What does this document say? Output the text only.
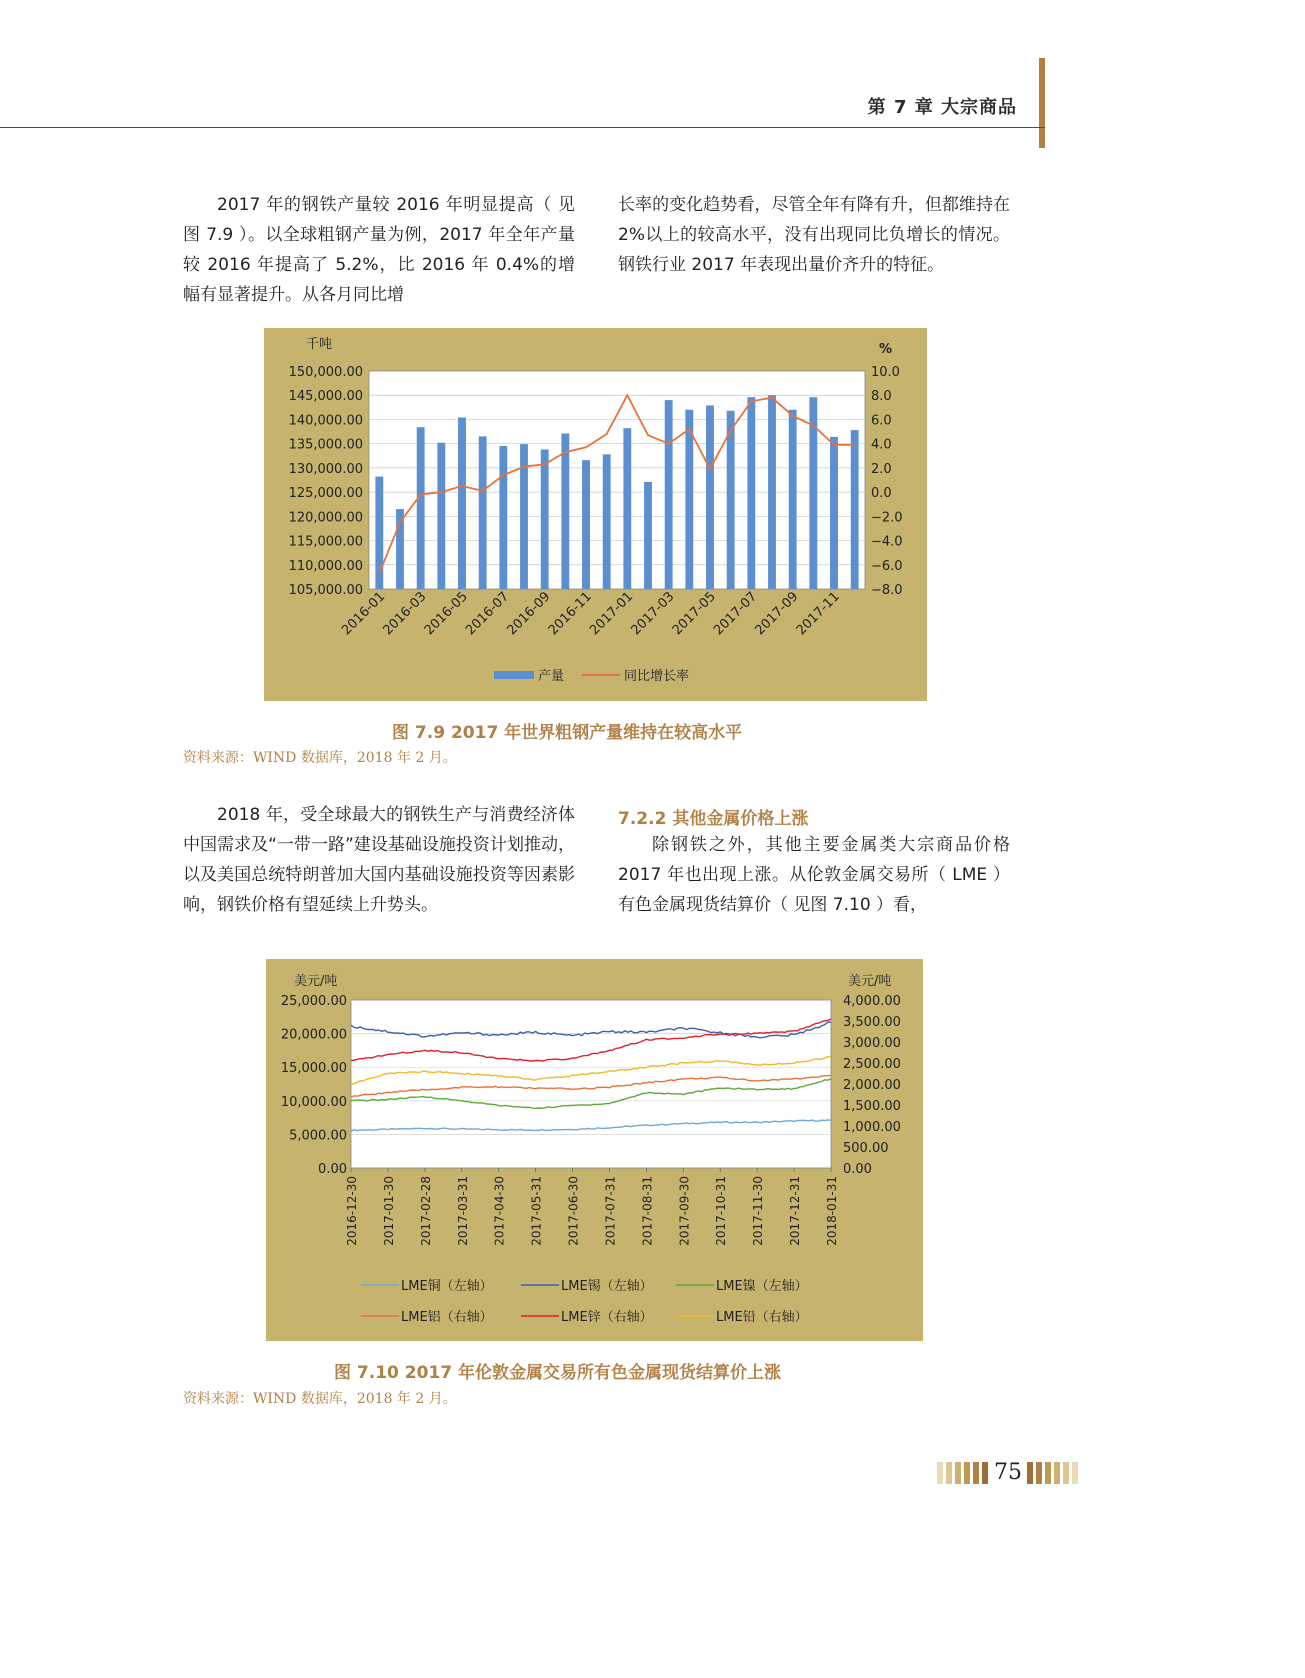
第 7 章 大宗商品

2017 年的钢铁产量较 2016 年明显提高（ 见图 7.9 ）。以全球粗钢产量为例，2017 年全年产量较 2016 年提高了 5.2%，比 2016 年 0.4%的增幅有显著提升。从各月同比增

长率的变化趋势看，尽管全年有降有升，但都维持在 2%以上的较高水平，没有出现同比负增长的情况。钢铁行业 2017 年表现出量价齐升的特征。

105,000.00
110,000.00
115,000.00
120,000.00
125,000.00
130,000.00
135,000.00
140,000.00
145,000.00
150,000.00
−8.0
−6.0
−4.0
−2.0
0.0
2.0
4.0
6.0
8.0
10.0
千吨	%
2016-01
2016-03
2016-05
2016-07
2016-09
2016-11
2017-01
2017-03
2017-05
2017-07
2017-09
2017-11
产量	同比增长率
图 7.9 2017 年世界粗钢产量维持在较高水平
资料来源：WIND 数据库，2018 年 2 月。

2018 年，受全球最大的钢铁生产与消费经济体中国需求及“一带一路”建设基础设施投资计划推动，以及美国总统特朗普加大国内基础设施投资等因素影响，钢铁价格有望延续上升势头。

7.2.2 其他金属价格上涨

除钢铁之外，其他主要金属类大宗商品价格 2017 年也出现上涨。从伦敦金属交易所（ LME ）有色金属现货结算价（ 见图 7.10 ）看，

0.00
5,000.00
10,000.00
15,000.00
20,000.00
25,000.00
0.00
500.00
1,000.00
1,500.00
2,000.00
2,500.00
3,000.00
3,500.00
4,000.00
美元/吨	美元/吨
2016-12-30 2017-01-30 2017-02-28 2017-03-31 2017-04-30 2017-05-31 2017-06-30 2017-07-31 2017-08-31 2017-09-30 2017-10-31 2017-11-30 2017-12-31 2018-01-31
LME铜（左轴）	LME锡（左轴）	LME镍（左轴）
LME铝（右轴）	LME锌（右轴）	LME铅（右轴）
图 7.10 2017 年伦敦金属交易所有色金属现货结算价上涨
资料来源：WIND 数据库，2018 年 2 月。
75
